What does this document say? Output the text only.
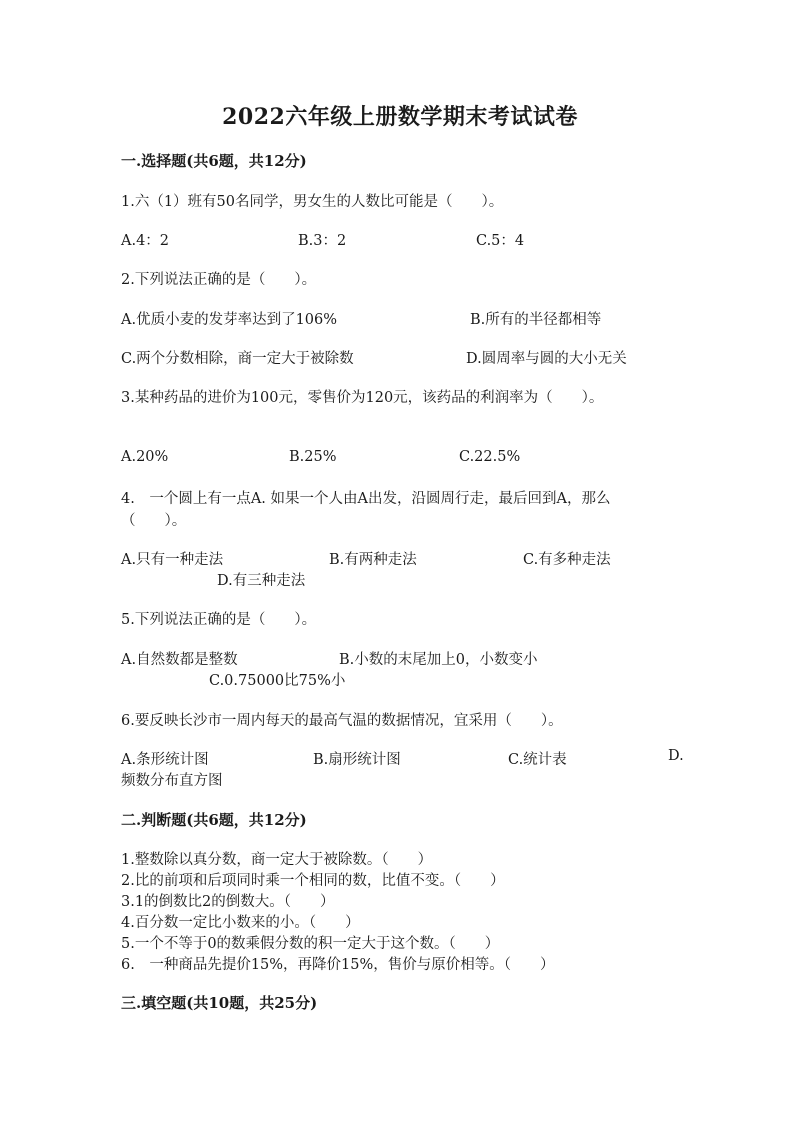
2022六年级上册数学期末考试试卷
一.选择题(共6题，共12分)
1.六（1）班有50名同学，男女生的人数比可能是（　　）。
A.4：2	B.3：2	C.5：4
2.下列说法正确的是（　　）。
A.优质小麦的发芽率达到了106%	B.所有的半径都相等
C.两个分数相除，商一定大于被除数	D.圆周率与圆的大小无关
3.某种药品的进价为100元，零售价为120元，该药品的利润率为（　　）。
A.20%	B.25%	C.22.5%
4.　一个圆上有一点A. 如果一个人由A出发，沿圆周行走，最后回到A，那么
（　　）。
A.只有一种走法	B.有两种走法	C.有多种走法
D.有三种走法
5.下列说法正确的是（　　）。
A.自然数都是整数	B.小数的末尾加上0，小数变小
C.0.75000比75%小
6.要反映长沙市一周内每天的最高气温的数据情况，宜采用（　　）。
A.条形统计图	B.扇形统计图	C.统计表	D.
频数分布直方图
二.判断题(共6题，共12分)
1.整数除以真分数，商一定大于被除数。（　　）
2.比的前项和后项同时乘一个相同的数，比值不变。（　　）
3.1的倒数比2的倒数大。（　　）
4.百分数一定比小数来的小。（　　）
5.一个不等于0的数乘假分数的积一定大于这个数。（　　）
6.　一种商品先提价15%，再降价15%，售价与原价相等。（　　）
三.填空题(共10题，共25分)
